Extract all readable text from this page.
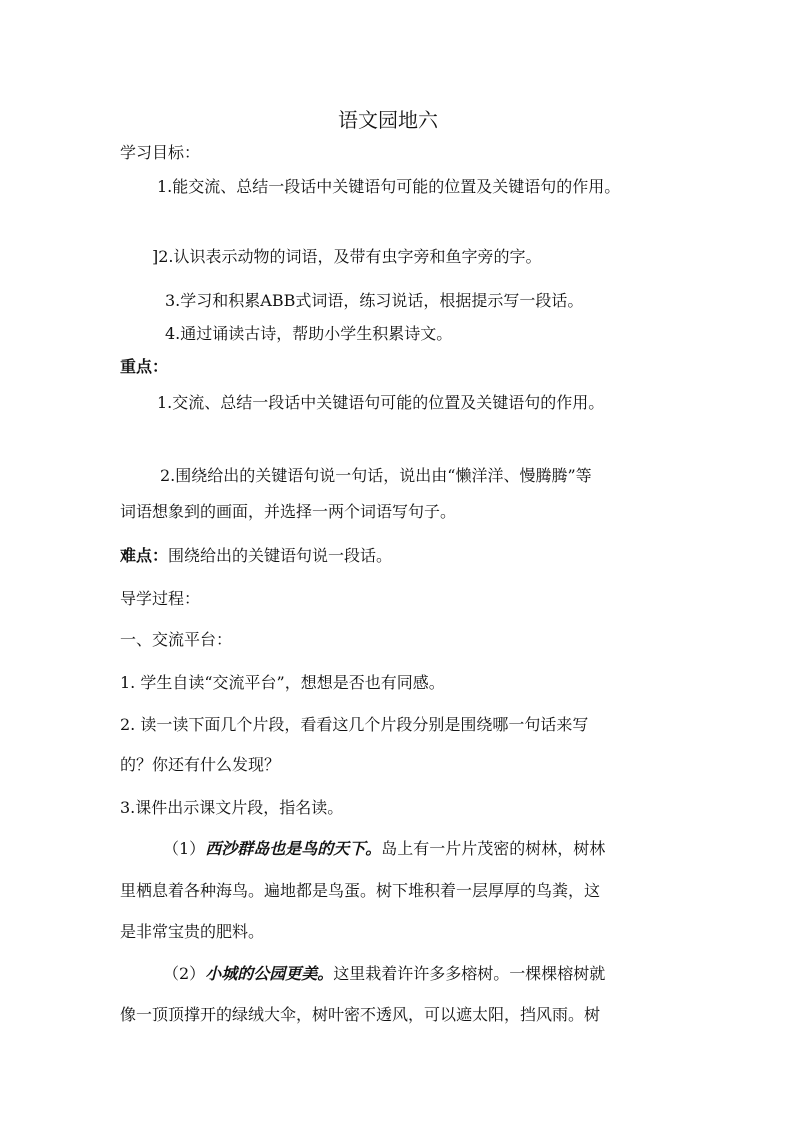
语文园地六
学习目标：
1.能交流、总结一段话中关键语句可能的位置及关键语句的作用。
]2.认识表示动物的词语，及带有虫字旁和鱼字旁的字。
3.学习和积累ABB式词语，练习说话，根据提示写一段话。
4.通过诵读古诗，帮助小学生积累诗文。
重点：
1.交流、总结一段话中关键语句可能的位置及关键语句的作用。
2.围绕给出的关键语句说一句话，说出由“懒洋洋、慢腾腾”等
词语想象到的画面，并选择一两个词语写句子。
难点：围绕给出的关键语句说一段话。
导学过程：
一、交流平台：
1. 学生自读“交流平台”，想想是否也有同感。
2. 读一读下面几个片段，看看这几个片段分别是围绕哪一句话来写
的？你还有什么发现？
3.课件出示课文片段，指名读。
（1）西沙群岛也是鸟的天下。岛上有一片片茂密的树林，树林
里栖息着各种海鸟。遍地都是鸟蛋。树下堆积着一层厚厚的鸟粪，这
是非常宝贵的肥料。
（2）小城的公园更美。这里栽着许许多多榕树。一棵棵榕树就
像一顶顶撑开的绿绒大伞，树叶密不透风，可以遮太阳，挡风雨。树
